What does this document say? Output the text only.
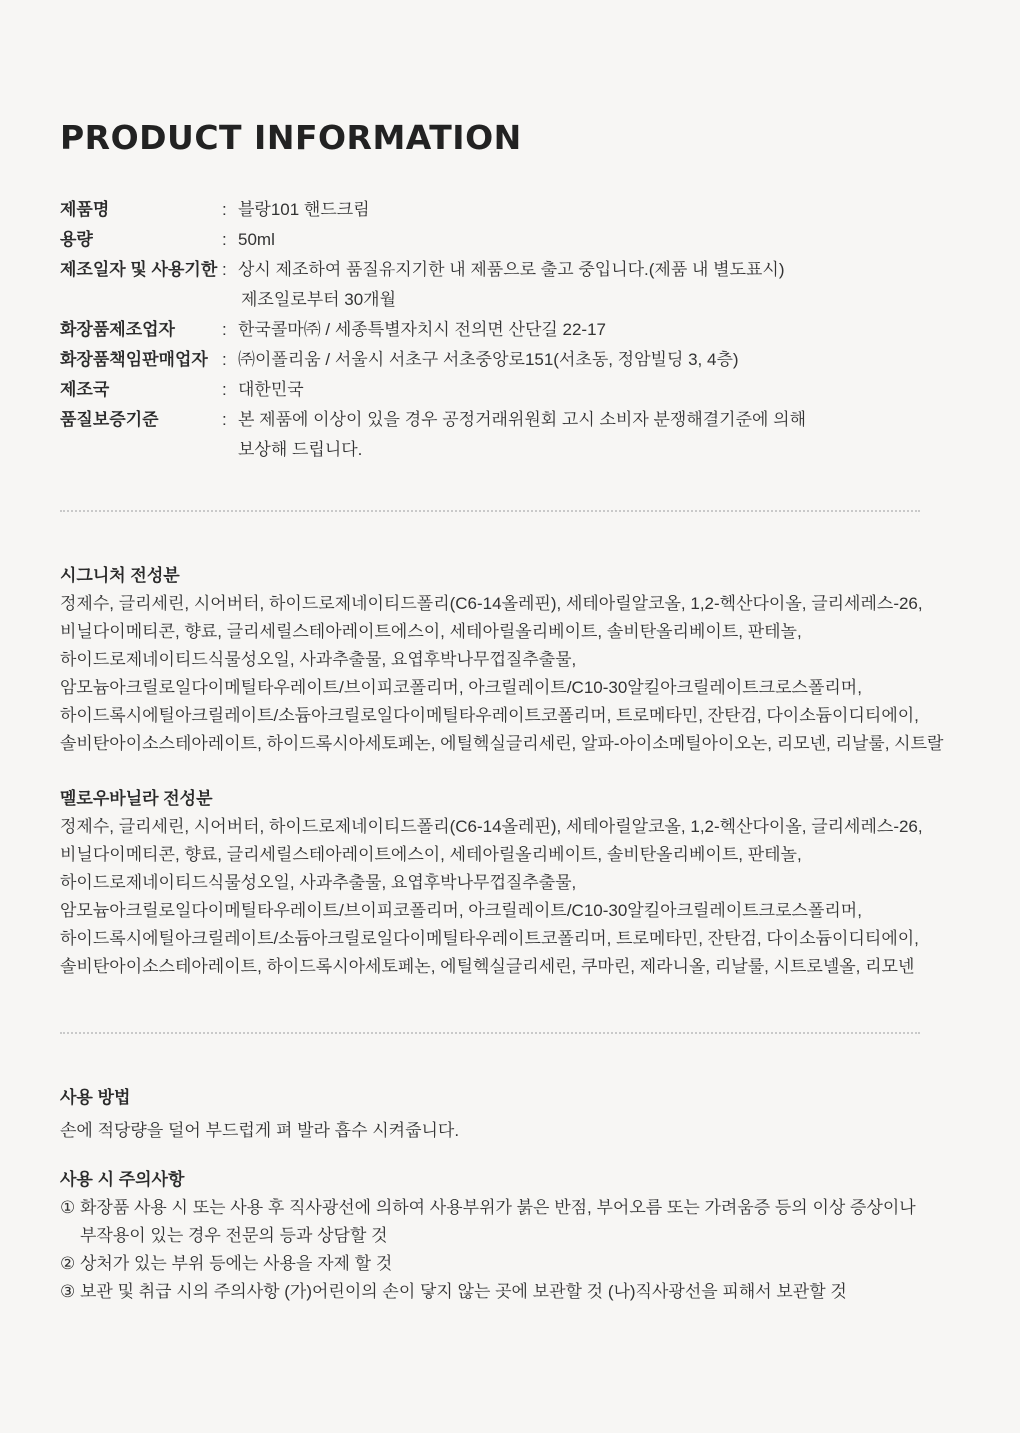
PRODUCT INFORMATION
제품명	: 블랑101 핸드크림
용량	: 50ml
제조일자 및 사용기한 : 상시 제조하여 품질유지기한 내 제품으로 출고 중입니다.(제품 내 별도표시)
제조일로부터 30개월
화장품제조업자	: 한국콜마㈜ / 세종특별자치시 전의면 산단길 22-17
화장품책임판매업자 : ㈜이폴리움 / 서울시 서초구 서초중앙로151(서초동, 정암빌딩 3, 4층)
제조국	: 대한민국
품질보증기준	: 본 제품에 이상이 있을 경우 공정거래위원회 고시 소비자 분쟁해결기준에 의해
보상해 드립니다.
시그니처 전성분
정제수, 글리세린, 시어버터, 하이드로제네이티드폴리(C6-14올레핀), 세테아릴알코올, 1,2-헥산다이올, 글리세레스-26,
비닐다이메티콘, 향료, 글리세릴스테아레이트에스이, 세테아릴올리베이트, 솔비탄올리베이트, 판테놀,
하이드로제네이티드식물성오일, 사과추출물, 요엽후박나무껍질추출물,
암모늄아크릴로일다이메틸타우레이트/브이피코폴리머, 아크릴레이트/C10-30알킬아크릴레이트크로스폴리머,
하이드록시에틸아크릴레이트/소듐아크릴로일다이메틸타우레이트코폴리머, 트로메타민, 잔탄검, 다이소듐이디티에이,
솔비탄아이소스테아레이트, 하이드록시아세토페논, 에틸헥실글리세린, 알파-아이소메틸아이오논, 리모넨, 리날룰, 시트랄
멜로우바닐라 전성분
정제수, 글리세린, 시어버터, 하이드로제네이티드폴리(C6-14올레핀), 세테아릴알코올, 1,2-헥산다이올, 글리세레스-26,
비닐다이메티콘, 향료, 글리세릴스테아레이트에스이, 세테아릴올리베이트, 솔비탄올리베이트, 판테놀,
하이드로제네이티드식물성오일, 사과추출물, 요엽후박나무껍질추출물,
암모늄아크릴로일다이메틸타우레이트/브이피코폴리머, 아크릴레이트/C10-30알킬아크릴레이트크로스폴리머,
하이드록시에틸아크릴레이트/소듐아크릴로일다이메틸타우레이트코폴리머, 트로메타민, 잔탄검, 다이소듐이디티에이,
솔비탄아이소스테아레이트, 하이드록시아세토페논, 에틸헥실글리세린, 쿠마린, 제라니올, 리날룰, 시트로넬올, 리모넨
사용 방법
손에 적당량을 덜어 부드럽게 펴 발라 흡수 시켜줍니다.
사용 시 주의사항
① 화장품 사용 시 또는 사용 후 직사광선에 의하여 사용부위가 붉은 반점, 부어오름 또는 가려움증 등의 이상 증상이나
부작용이 있는 경우 전문의 등과 상담할 것
② 상처가 있는 부위 등에는 사용을 자제 할 것
③ 보관 및 취급 시의 주의사항 (가)어린이의 손이 닿지 않는 곳에 보관할 것 (나)직사광선을 피해서 보관할 것
